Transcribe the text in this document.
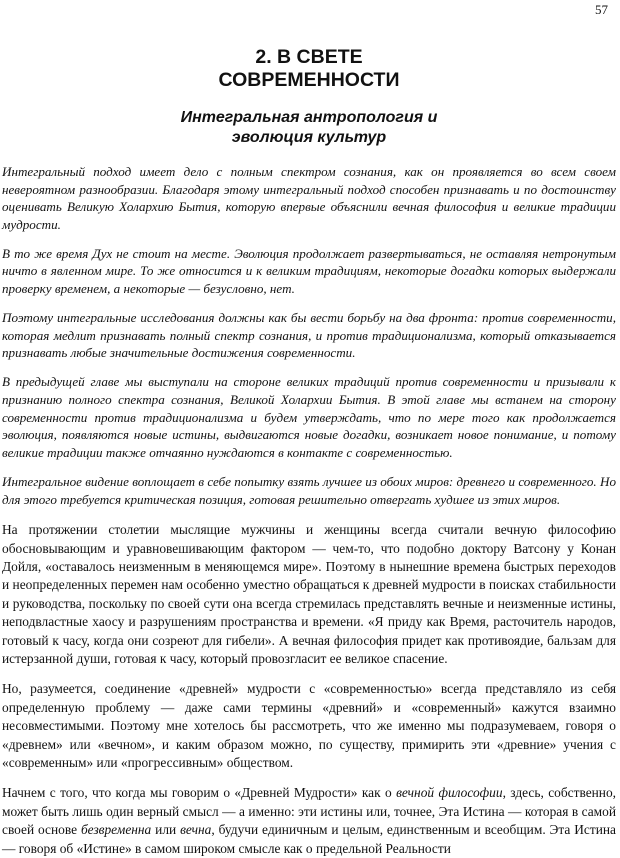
57
2. В СВЕТЕ
СОВРЕМЕННОСТИ
Интегральная антропология и
эволюция культур

Интегральный подход имеет дело с полным спектром сознания, как он проявляется во всем своем невероятном разнообразии. Благодаря этому интегральный подход способен признавать и по достоинству оценивать Великую Холархию Бытия, которую впервые объяснили вечная философия и великие традиции мудрости.

В то же время Дух не стоит на месте. Эволюция продолжает развертываться, не оставляя нетронутым ничто в явленном мире. То же относится и к великим традициям, некоторые догадки которых выдержали проверку временем, а некоторые — безусловно, нет.

Поэтому интегральные исследования должны как бы вести борьбу на два фронта: против современности, которая медлит признавать полный спектр сознания, и против традиционализма, который отказывается признавать любые значительные достижения современности.

В предыдущей главе мы выступали на стороне великих традиций против современности и призывали к признанию полного спектра сознания, Великой Холархии Бытия. В этой главе мы встанем на сторону современности против традиционализма и будем утверждать, что по мере того как продолжается эволюция, появляются новые истины, выдвигаются новые догадки, возникает новое понимание, и потому великие традиции также отчаянно нуждаются в контакте с современностью.

Интегральное видение воплощает в себе попытку взять лучшее из обоих миров: древнего и современного. Но для этого требуется критическая позиция, готовая решительно отвергать худшее из этих миров.

На протяжении столетии мыслящие мужчины и женщины всегда считали вечную философию обосновывающим и уравновешивающим фактором — чем-то, что подобно доктору Ватсону у Конан Дойля, «оставалось неизменным в меняющемся мире». Поэтому в нынешние времена быстрых переходов и неопределенных перемен нам особенно уместно обращаться к древней мудрости в поисках стабильности и руководства, поскольку по своей сути она всегда стремилась представлять вечные и неизменные истины, неподвластные хаосу и разрушениям пространства и времени. «Я приду как Время, расточитель народов, готовый к часу, когда они созреют для гибели». А вечная философия придет как противоядие, бальзам для истерзанной души, готовая к часу, который провозгласит ее великое спасение.

Но, разумеется, соединение «древней» мудрости с «современностью» всегда представляло из себя определенную проблему — даже сами термины «древний» и «современный» кажутся взаимно несовместимыми. Поэтому мне хотелось бы рассмотреть, что же именно мы подразумеваем, говоря о «древнем» или «вечном», и каким образом можно, по существу, примирить эти «древние» учения с «современным» или «прогрессивным» обществом.

Начнем с того, что когда мы говорим о «Древней Мудрости» как о вечной философии, здесь, собственно, может быть лишь один верный смысл — а именно: эти истины или, точнее, Эта Истина — которая в самой своей основе безвременна или вечна, будучи единичным и целым, единственным и всеобщим. Эта Истина — говоря об «Истине» в самом широком смысле как о предельной Реальности
